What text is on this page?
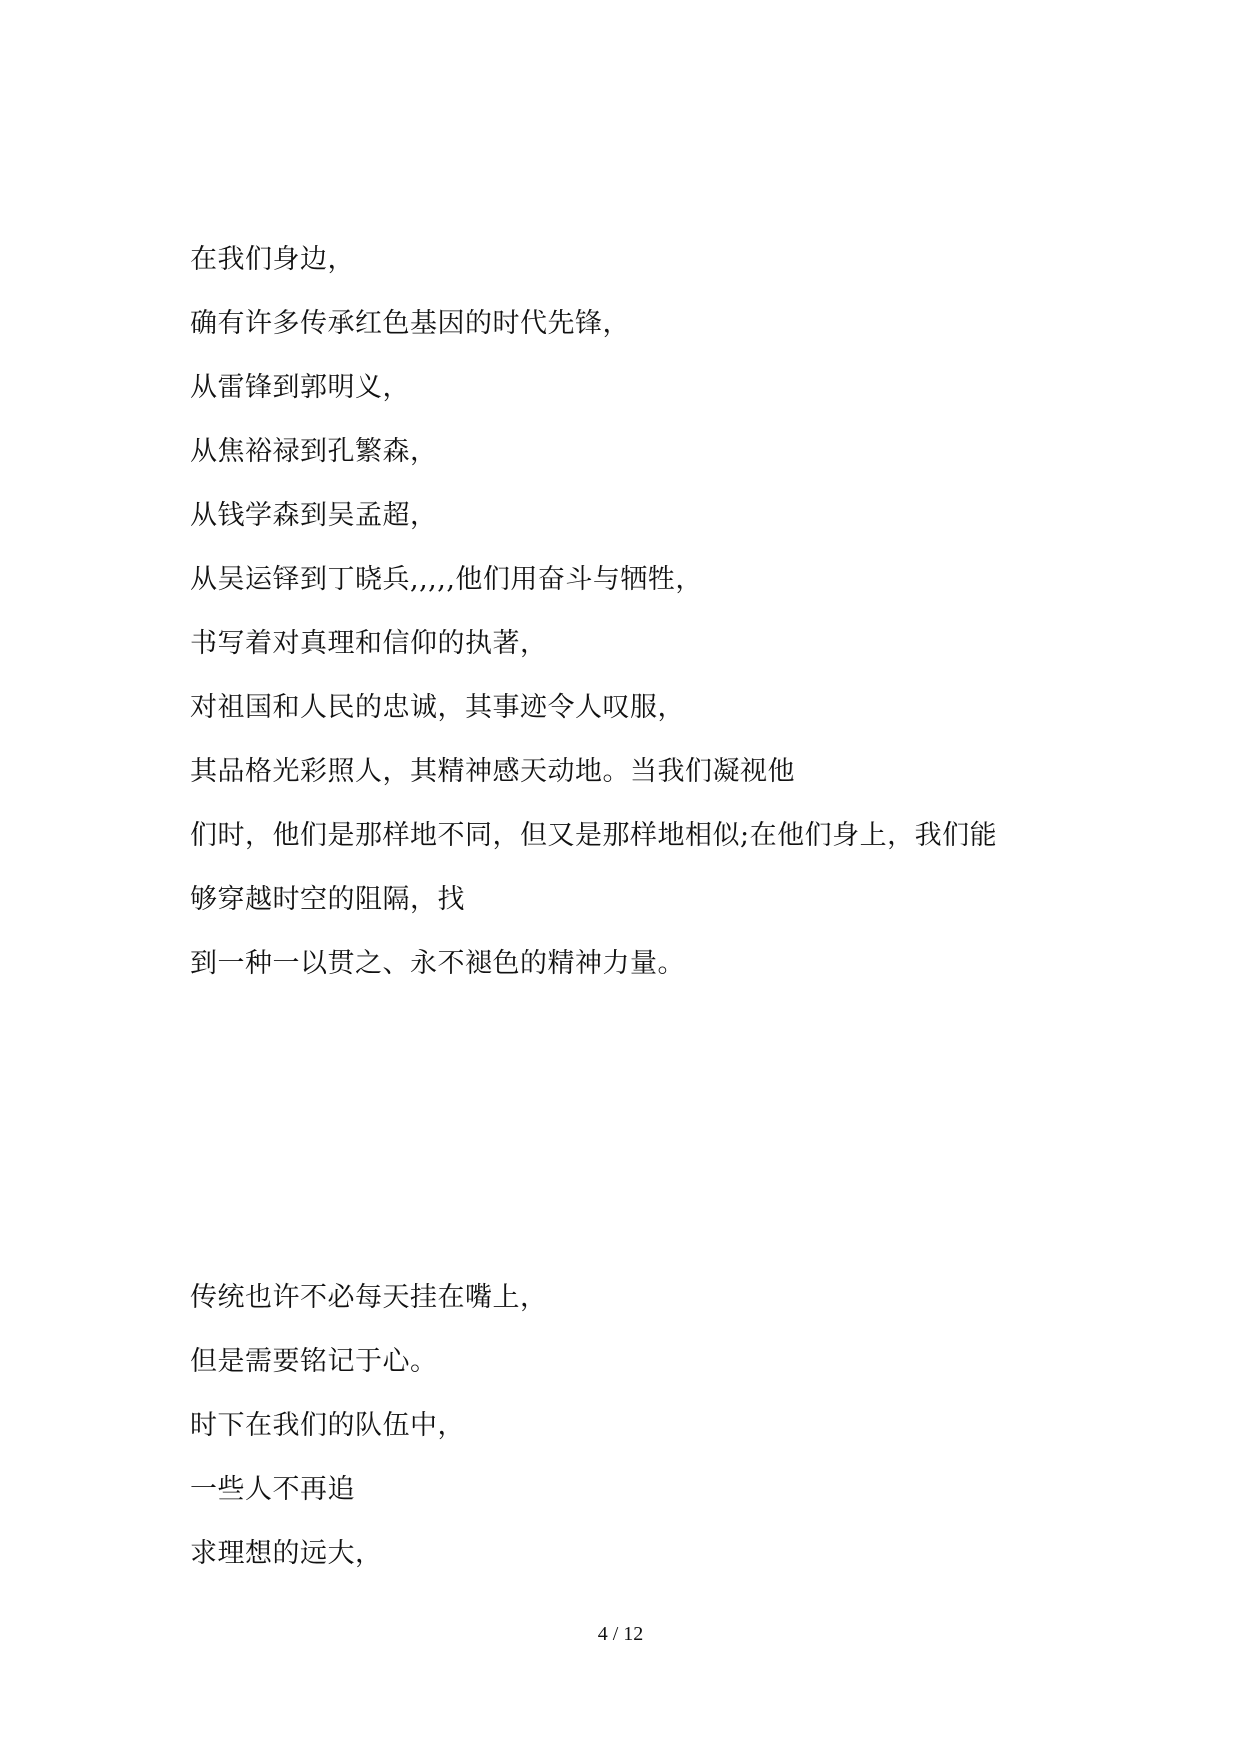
在我们身边，
确有许多传承红色基因的时代先锋，
从雷锋到郭明义，
从焦裕禄到孔繁森，
从钱学森到吴孟超，
从吴运铎到丁晓兵,,,,,他们用奋斗与牺牲，
书写着对真理和信仰的执著，
对祖国和人民的忠诚，其事迹令人叹服，
其品格光彩照人，其精神感天动地。当我们凝视他
们时，他们是那样地不同，但又是那样地相似;在他们身上，我们能
够穿越时空的阻隔，找
到一种一以贯之、永不褪色的精神力量。
传统也许不必每天挂在嘴上，
但是需要铭记于心。
时下在我们的队伍中，
一些人不再追
求理想的远大，
4 / 12
